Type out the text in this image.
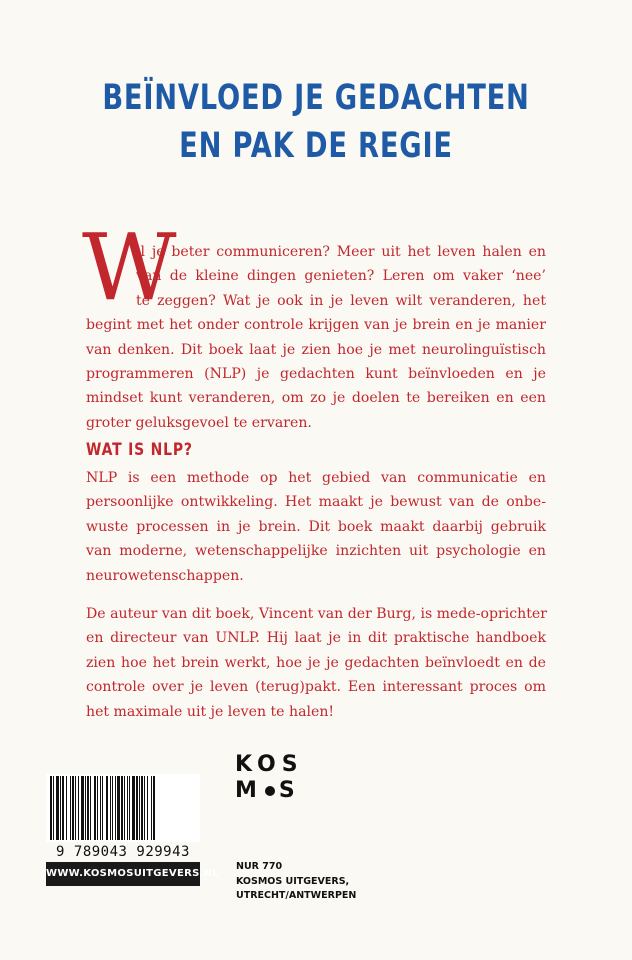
BEÏNVLOED JE GEDACHTEN
EN PAK DE REGIE
W
il je beter communiceren? Meer uit het leven halen en
van de kleine dingen genieten? Leren om vaker ‘nee’
te zeggen? Wat je ook in je leven wilt veranderen, het
begint met het onder controle krijgen van je brein en je manier
van denken. Dit boek laat je zien hoe je met neurolinguïstisch
programmeren (NLP) je gedachten kunt beïnvloeden en je
mindset kunt veranderen, om zo je doelen te bereiken en een
groter geluksgevoel te ervaren.
WAT IS NLP?
NLP is een methode op het gebied van communicatie en
persoonlijke ontwikkeling. Het maakt je bewust van de onbe-
wuste processen in je brein. Dit boek maakt daarbij gebruik
van moderne, wetenschappelijke inzichten uit psychologie en
neurowetenschappen.
De auteur van dit boek, Vincent van der Burg, is mede-oprichter
en directeur van UNLP. Hij laat je in dit praktische handboek
zien hoe het brein werkt, hoe je je gedachten beïnvloedt en de
controle over je leven (terug)pakt. Een interessant proces om
het maximale uit je leven te halen!
9 789043 929943
WWW.KOSMOSUITGEVERS.NL
KOS
M S
NUR 770
KOSMOS UITGEVERS,
UTRECHT/ANTWERPEN
